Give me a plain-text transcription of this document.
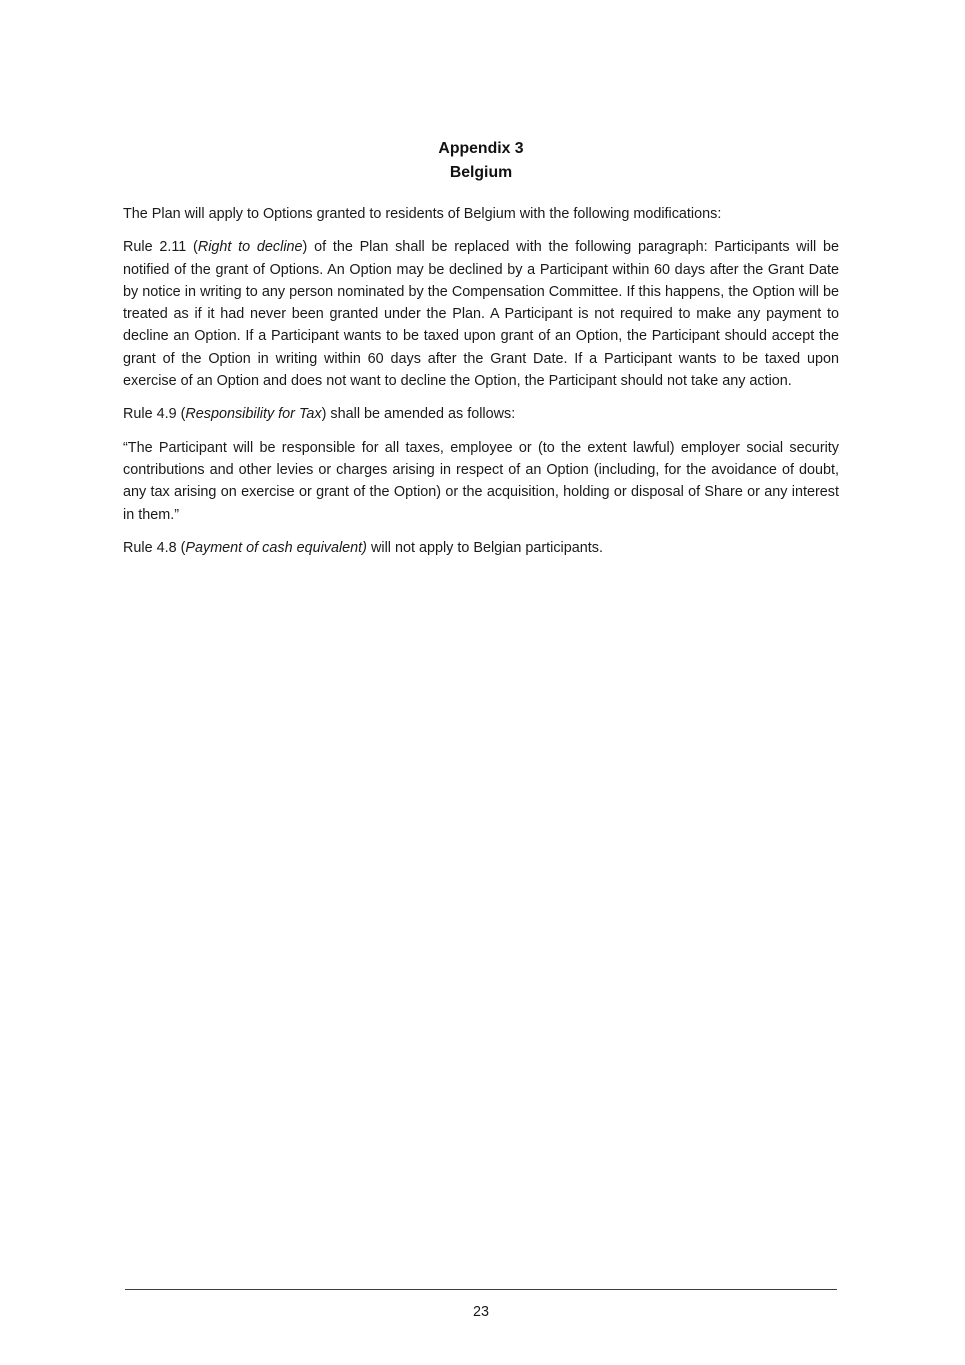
Appendix 3
Belgium

The Plan will apply to Options granted to residents of Belgium with the following modifications:

Rule 2.11 (Right to decline) of the Plan shall be replaced with the following paragraph: Participants will be notified of the grant of Options. An Option may be declined by a Participant within 60 days after the Grant Date by notice in writing to any person nominated by the Compensation Committee. If this happens, the Option will be treated as if it had never been granted under the Plan. A Participant is not required to make any payment to decline an Option. If a Participant wants to be taxed upon grant of an Option, the Participant should accept the grant of the Option in writing within 60 days after the Grant Date. If a Participant wants to be taxed upon exercise of an Option and does not want to decline the Option, the Participant should not take any action.

Rule 4.9 (Responsibility for Tax) shall be amended as follows:

“The Participant will be responsible for all taxes, employee or (to the extent lawful) employer social security contributions and other levies or charges arising in respect of an Option (including, for the avoidance of doubt, any tax arising on exercise or grant of the Option) or the acquisition, holding or disposal of Share or any interest in them.”

Rule 4.8 (Payment of cash equivalent) will not apply to Belgian participants.

23
